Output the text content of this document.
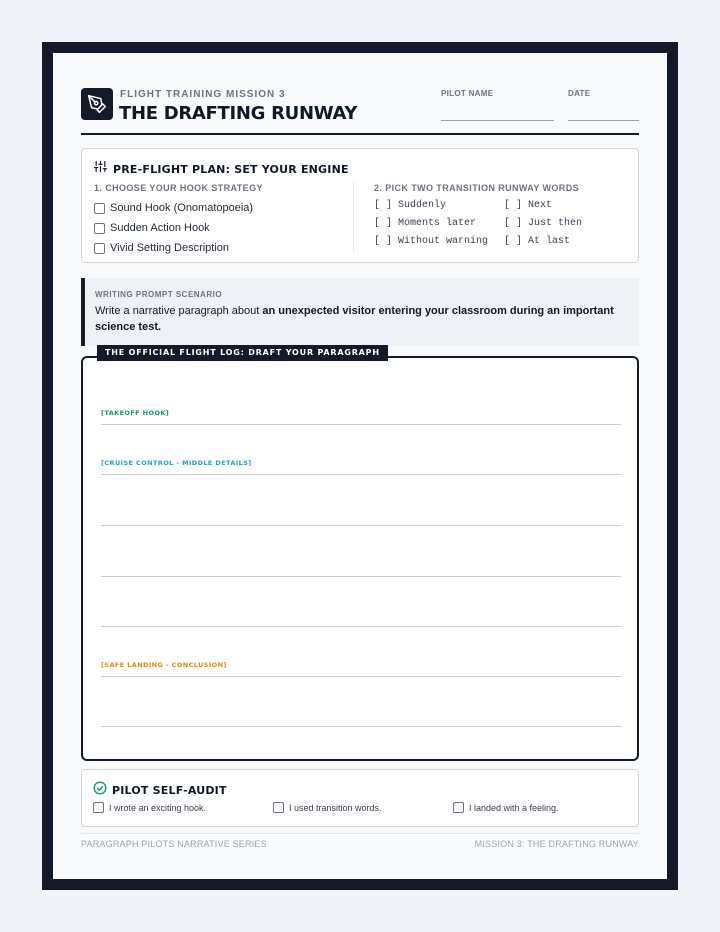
FLIGHT TRAINING MISSION 3
THE DRAFTING RUNWAY
PILOT NAME	DATE
PRE-FLIGHT PLAN: SET YOUR ENGINE
1. CHOOSE YOUR HOOK STRATEGY
Sound Hook (Onomatopoeia)
Sudden Action Hook
Vivid Setting Description
2. PICK TWO TRANSITION RUNWAY WORDS
[ ] Suddenly	[ ] Next
[ ] Moments later	[ ] Just then
[ ] Without warning	[ ] At last
WRITING PROMPT SCENARIO
Write a narrative paragraph about an unexpected visitor entering your classroom during an important science test.
[TAKEOFF HOOK]
[CRUISE CONTROL - MIDDLE DETAILS]
[SAFE LANDING - CONCLUSION]
THE OFFICIAL FLIGHT LOG: DRAFT YOUR PARAGRAPH
PILOT SELF-AUDIT
I wrote an exciting hook.	I used transition words.	I landed with a feeling.
PARAGRAPH PILOTS NARRATIVE SERIES	MISSION 3: THE DRAFTING RUNWAY
